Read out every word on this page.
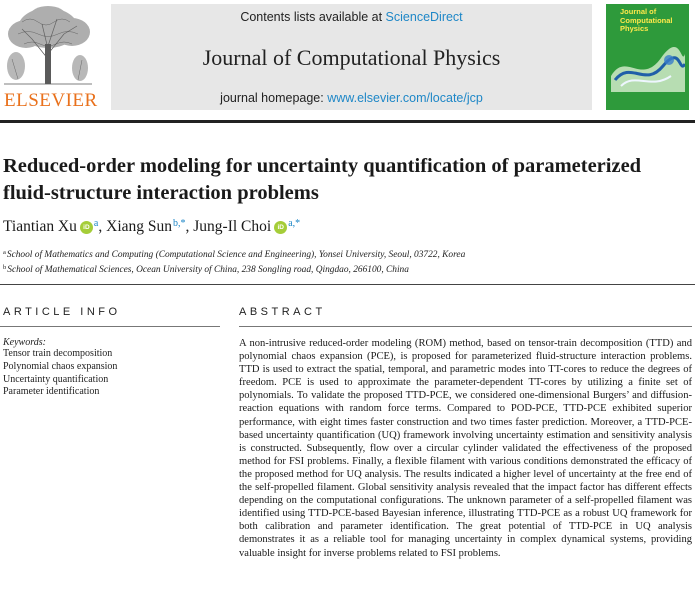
ELSEVIER
Contents lists available at ScienceDirect
Journal of Computational Physics
journal homepage: www.elsevier.com/locate/jcp
Journal of
Computational
Physics
Reduced-order modeling for uncertainty quantification of parameterized fluid-structure interaction problems
Tiantian Xu iD $^a$, Xiang Sun$^{b,*}$, Jung-Il Choi iD $^{a,*}$
$^a$School of Mathematics and Computing (Computational Science and Engineering), Yonsei University, Seoul, 03722, Korea
$^b$School of Mathematical Sciences, Ocean University of China, 238 Songling road, Qingdao, 266100, China
ARTICLE INFO
Keywords:
Tensor train decomposition
Polynomial chaos expansion
Uncertainty quantification
Parameter identification
ABSTRACT

A non-intrusive reduced-order modeling (ROM) method, based on tensor-train decomposition (TTD) and polynomial chaos expansion (PCE), is proposed for parameterized fluid-structure interaction problems. TTD is used to extract the spatial, temporal, and parametric modes into TT-cores to reduce the degrees of freedom. PCE is used to approximate the parameter-dependent TT-cores by utilizing a finite set of polynomials. To validate the proposed TTD-PCE, we considered one-dimensional Burgers’ and diffusion-reaction equations with random force terms. Compared to POD-PCE, TTD-PCE exhibited superior performance, with eight times faster construction and two times faster prediction. Moreover, a TTD-PCE-based uncertainty quantification (UQ) framework involving uncertainty estimation and sensitivity analysis is constructed. Subsequently, flow over a circular cylinder validated the effectiveness of the proposed method for FSI problems. Finally, a flexible filament with various conditions demonstrated the efficacy of the proposed method for UQ analysis. The results indicated a higher level of uncertainty at the free end of the self-propelled filament. Global sensitivity analysis revealed that the impact factor has different effects depending on the computational configurations. The unknown parameter of a self-propelled filament was identified using TTD-PCE-based Bayesian inference, illustrating TTD-PCE as a robust UQ framework for both calibration and parameter identification. The great potential of TTD-PCE in UQ analysis demonstrates it as a reliable tool for managing uncertainty in complex dynamical systems, providing valuable insight for inverse problems related to FSI problems.
